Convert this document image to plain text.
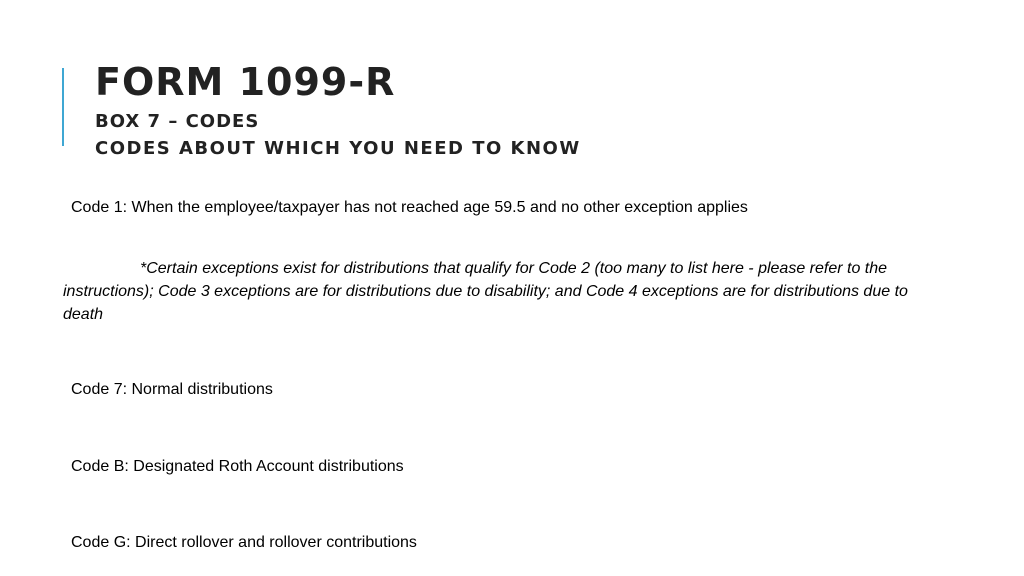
FORM 1099-R
BOX 7 – CODES
CODES ABOUT WHICH YOU NEED TO KNOW
Code 1: When the employee/taxpayer has not reached age 59.5 and no other exception applies
*Certain exceptions exist for distributions that qualify for Code 2 (too many to list here - please refer to the instructions); Code 3 exceptions are for distributions due to disability; and Code 4 exceptions are for distributions due to death
Code 7: Normal distributions
Code B: Designated Roth Account distributions
Code G: Direct rollover and rollover contributions
